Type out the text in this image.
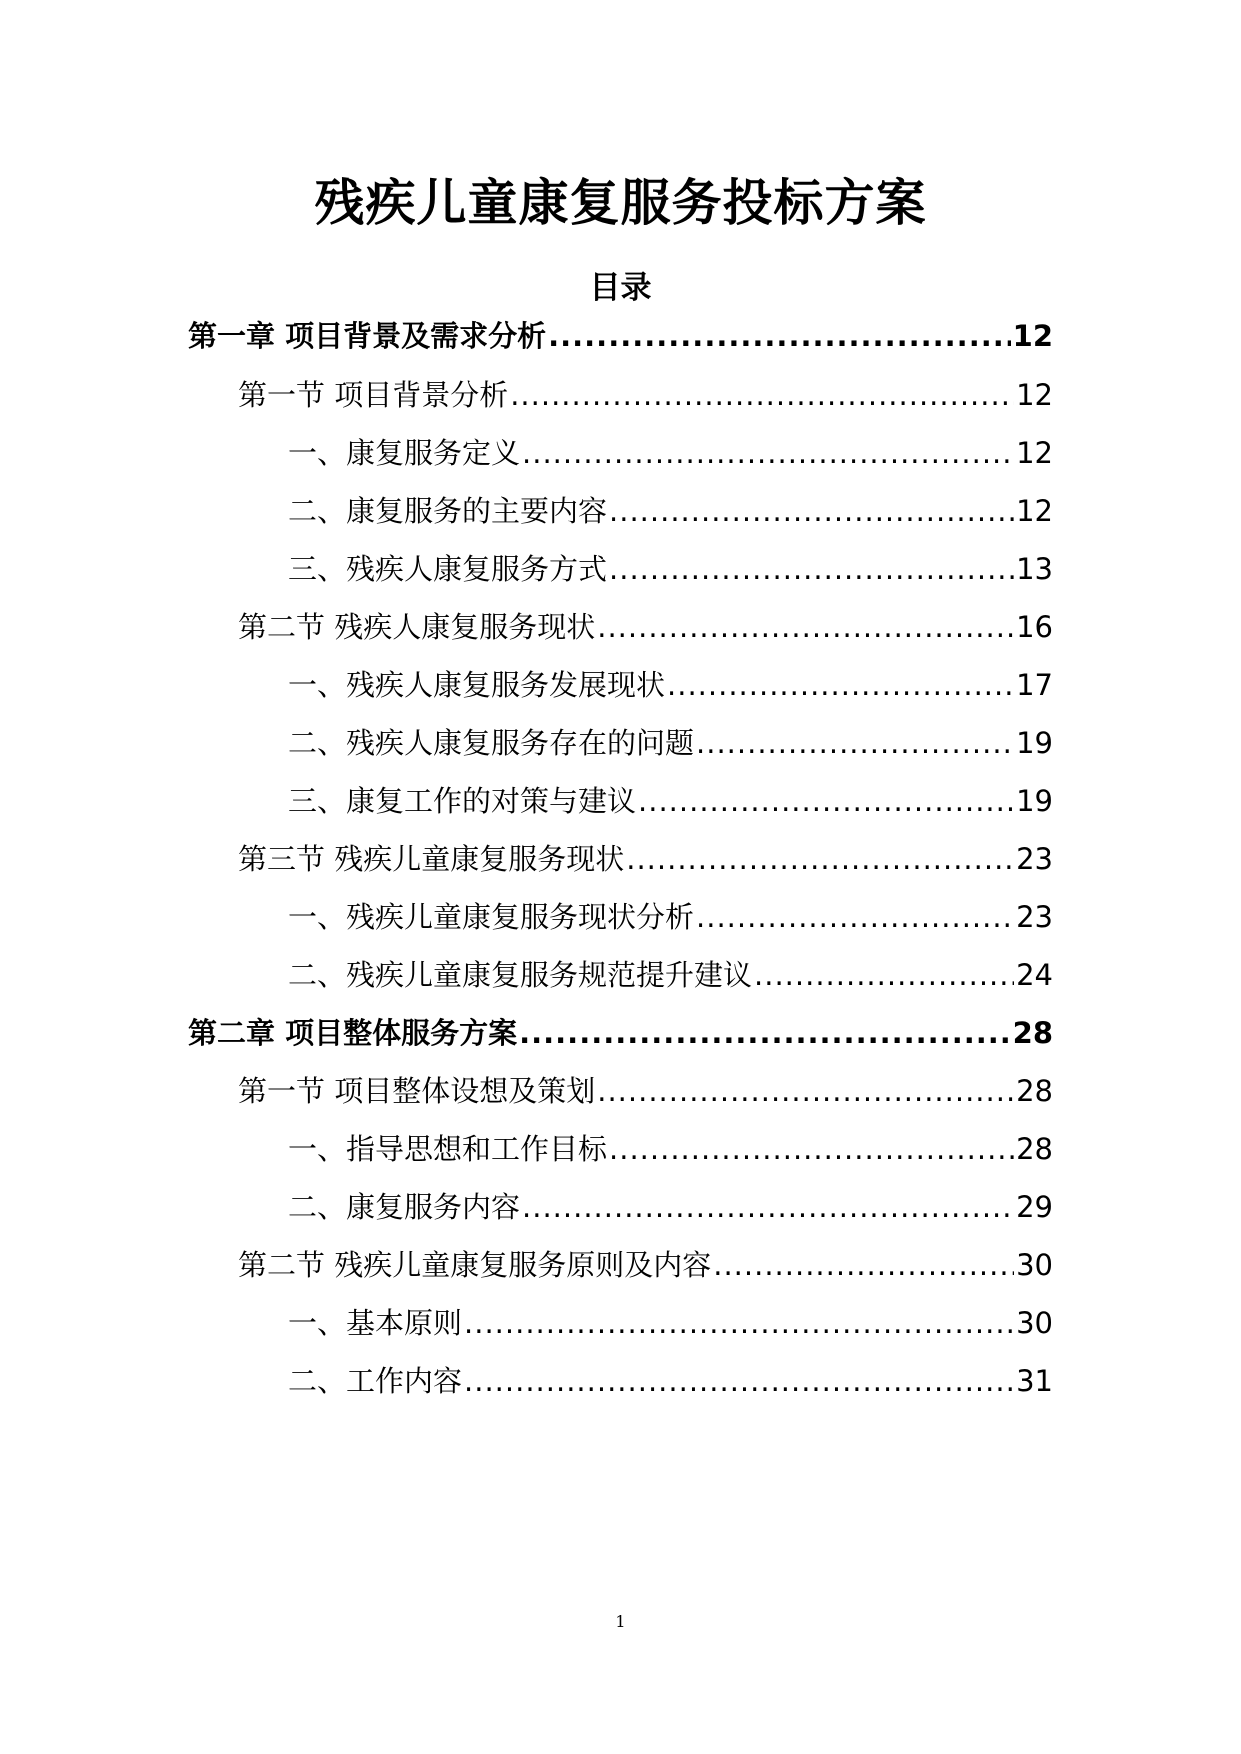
残疾儿童康复服务投标方案
目录
第一章 项目背景及需求分析 .....	12
第一节 项目背景分析 .....	12
一、康复服务定义 .....	12
二、康复服务的主要内容 .....	12
三、残疾人康复服务方式 .....	13
第二节 残疾人康复服务现状 .....	16
一、残疾人康复服务发展现状 .....	17
二、残疾人康复服务存在的问题 .....	19
三、康复工作的对策与建议 .....	19
第三节 残疾儿童康复服务现状 .....	23
一、残疾儿童康复服务现状分析 .....	23
二、残疾儿童康复服务规范提升建议 .....	24
第二章 项目整体服务方案 .....	28
第一节 项目整体设想及策划 .....	28
一、指导思想和工作目标 .....	28
二、康复服务内容 .....	29
第二节 残疾儿童康复服务原则及内容 .....	30
一、基本原则 .....	30
二、工作内容 .....	31
1
